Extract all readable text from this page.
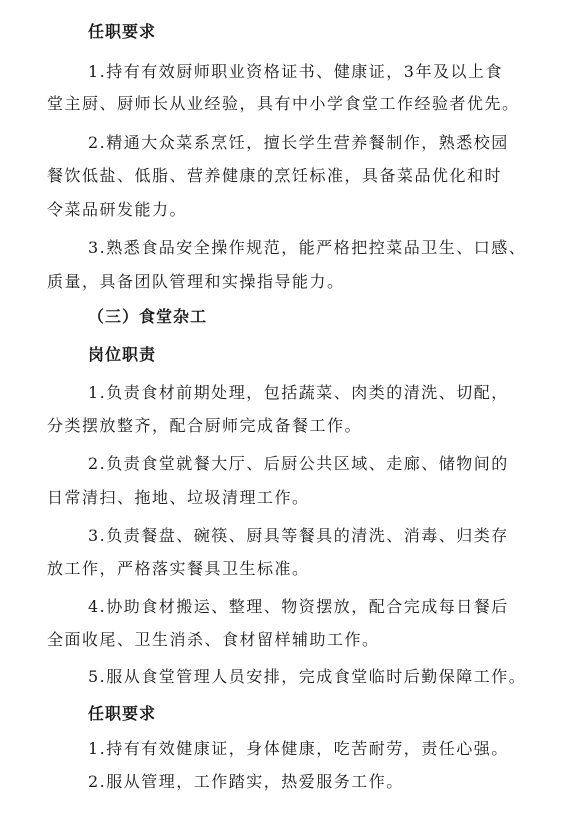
任职要求
1.持有有效厨师职业资格证书、健康证，3年及以上食
堂主厨、厨师长从业经验，具有中小学食堂工作经验者优先。
2.精通大众菜系烹饪，擅长学生营养餐制作，熟悉校园
餐饮低盐、低脂、营养健康的烹饪标准，具备菜品优化和时
令菜品研发能力。
3.熟悉食品安全操作规范，能严格把控菜品卫生、口感、
质量，具备团队管理和实操指导能力。
（三）食堂杂工
岗位职责
1.负责食材前期处理，包括蔬菜、肉类的清洗、切配，
分类摆放整齐，配合厨师完成备餐工作。
2.负责食堂就餐大厅、后厨公共区域、走廊、储物间的
日常清扫、拖地、垃圾清理工作。
3.负责餐盘、碗筷、厨具等餐具的清洗、消毒、归类存
放工作，严格落实餐具卫生标准。
4.协助食材搬运、整理、物资摆放，配合完成每日餐后
全面收尾、卫生消杀、食材留样辅助工作。
5.服从食堂管理人员安排，完成食堂临时后勤保障工作。
任职要求
1.持有有效健康证，身体健康，吃苦耐劳，责任心强。
2.服从管理，工作踏实，热爱服务工作。
